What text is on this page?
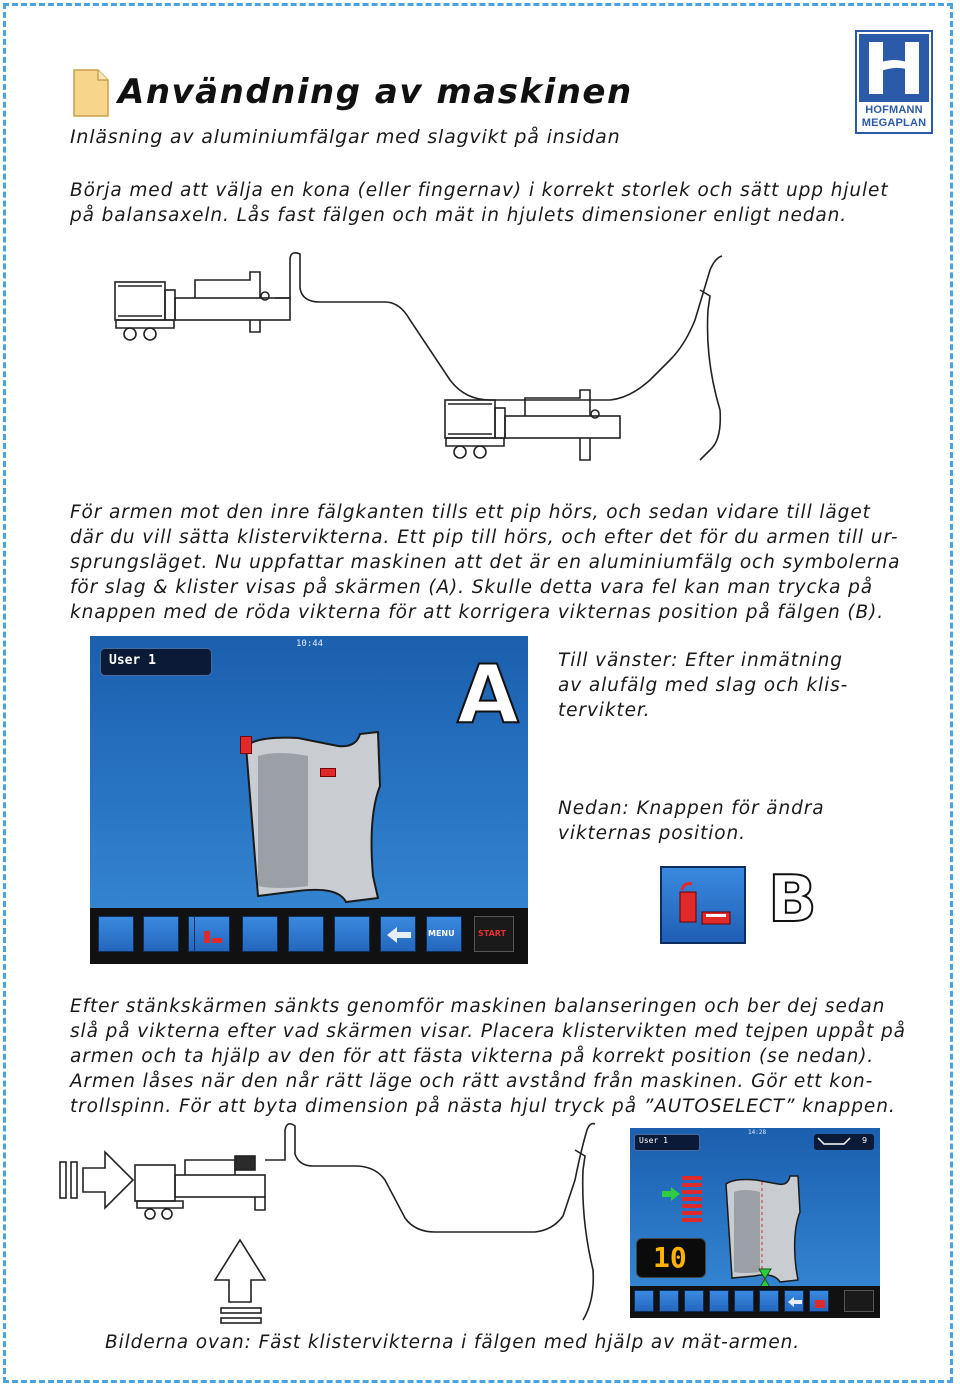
Användning av maskinen
Inläsning av aluminiumfälgar med slagvikt på insidan
HOFMANN
MEGAPLAN
Börja med att välja en kona (eller fingernav) i korrekt storlek och sätt upp hjulet
på balansaxeln. Lås fast fälgen och mät in hjulets dimensioner enligt nedan.
För armen mot den inre fälgkanten tills ett pip hörs, och sedan vidare till läget
där du vill sätta klistervikterna. Ett pip till hörs, och efter det för du armen till ur-
sprungsläget. Nu uppfattar maskinen att det är en aluminiumfälg och symbolerna
för slag & klister visas på skärmen (A). Skulle detta vara fel kan man trycka på
knappen med de röda vikterna för att korrigera vikternas position på fälgen (B).
User 1
10:44
A
MENU	START
Till vänster: Efter inmätning
av alufälg med slag och klis-
tervikter.
Nedan: Knappen för ändra
vikternas position.
B
Efter stänkskärmen sänkts genomför maskinen balanseringen och ber dej sedan
slå på vikterna efter vad skärmen visar. Placera klistervikten med tejpen uppåt på
armen och ta hjälp av den för att fästa vikterna på korrekt position (se nedan).
Armen låses när den når rätt läge och rätt avstånd från maskinen. Gör ett kon-
trollspinn. För att byta dimension på nästa hjul tryck på ”AUTOSELECT” knappen.
User 1
14:28
9
10
Bilderna ovan: Fäst klistervikterna i fälgen med hjälp av mät-armen.
